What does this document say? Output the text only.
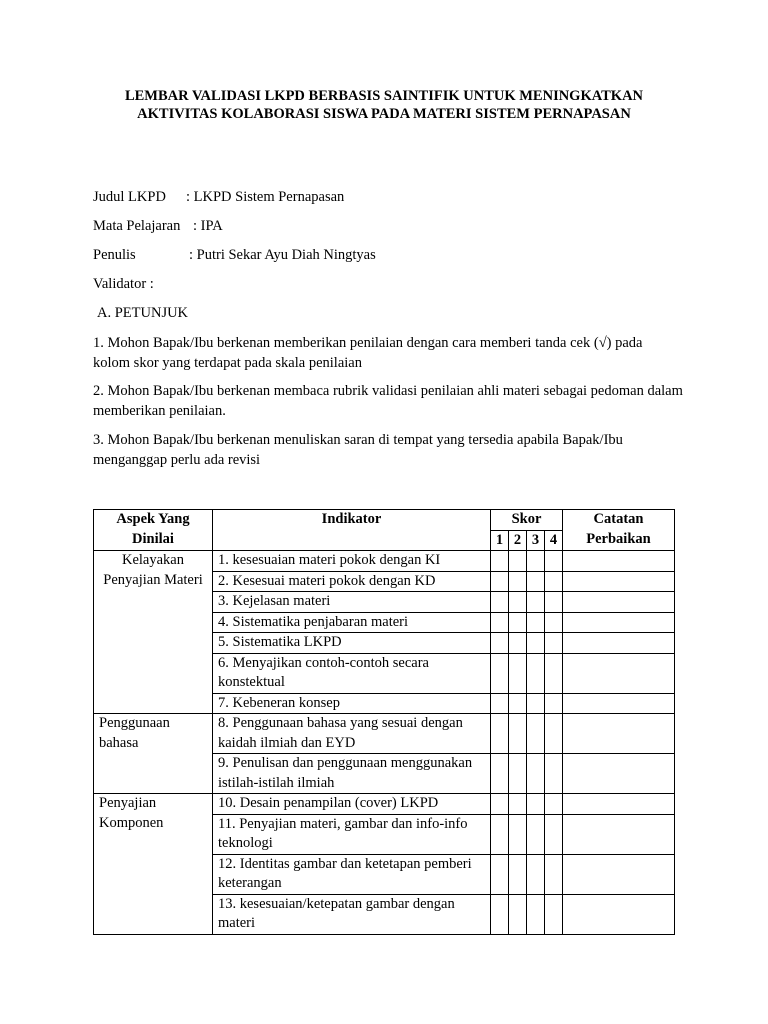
LEMBAR VALIDASI LKPD BERBASIS SAINTIFIK UNTUK MENINGKATKAN
AKTIVITAS KOLABORASI SISWA PADA MATERI SISTEM PERNAPASAN
Judul LKPD : LKPD Sistem Pernapasan
Mata Pelajaran : IPA
Penulis	: Putri Sekar Ayu Diah Ningtyas
Validator :
A. PETUNJUK
1. Mohon Bapak/Ibu berkenan memberikan penilaian dengan cara memberi tanda cek (√) pada kolom skor yang terdapat pada skala penilaian
2. Mohon Bapak/Ibu berkenan membaca rubrik validasi penilaian ahli materi sebagai pedoman dalam memberikan penilaian.
3. Mohon Bapak/Ibu berkenan menuliskan saran di tempat yang tersedia apabila Bapak/Ibu menganggap perlu ada revisi
Aspek Yang Dinilai	Indikator	Skor				Catatan Perbaikan
		1	2	3	4	
Kelayakan Penyajian Materi	1. kesesuaian materi pokok dengan KI					
	2. Kesesuai materi pokok dengan KD					
	3. Kejelasan materi					
	4. Sistematika penjabaran materi					
	5. Sistematika LKPD					
	6. Menyajikan contoh-contoh secara konstektual					
	7. Kebeneran konsep					
Penggunaan bahasa	8. Penggunaan bahasa yang sesuai dengan kaidah ilmiah dan EYD					
	9. Penulisan dan penggunaan menggunakan istilah-istilah ilmiah					
Penyajian Komponen	10. Desain penampilan (cover) LKPD					
	11. Penyajian materi, gambar dan info-info teknologi					
	12. Identitas gambar dan ketetapan pemberi keterangan					
	13. kesesuaian/ketepatan gambar dengan materi					
